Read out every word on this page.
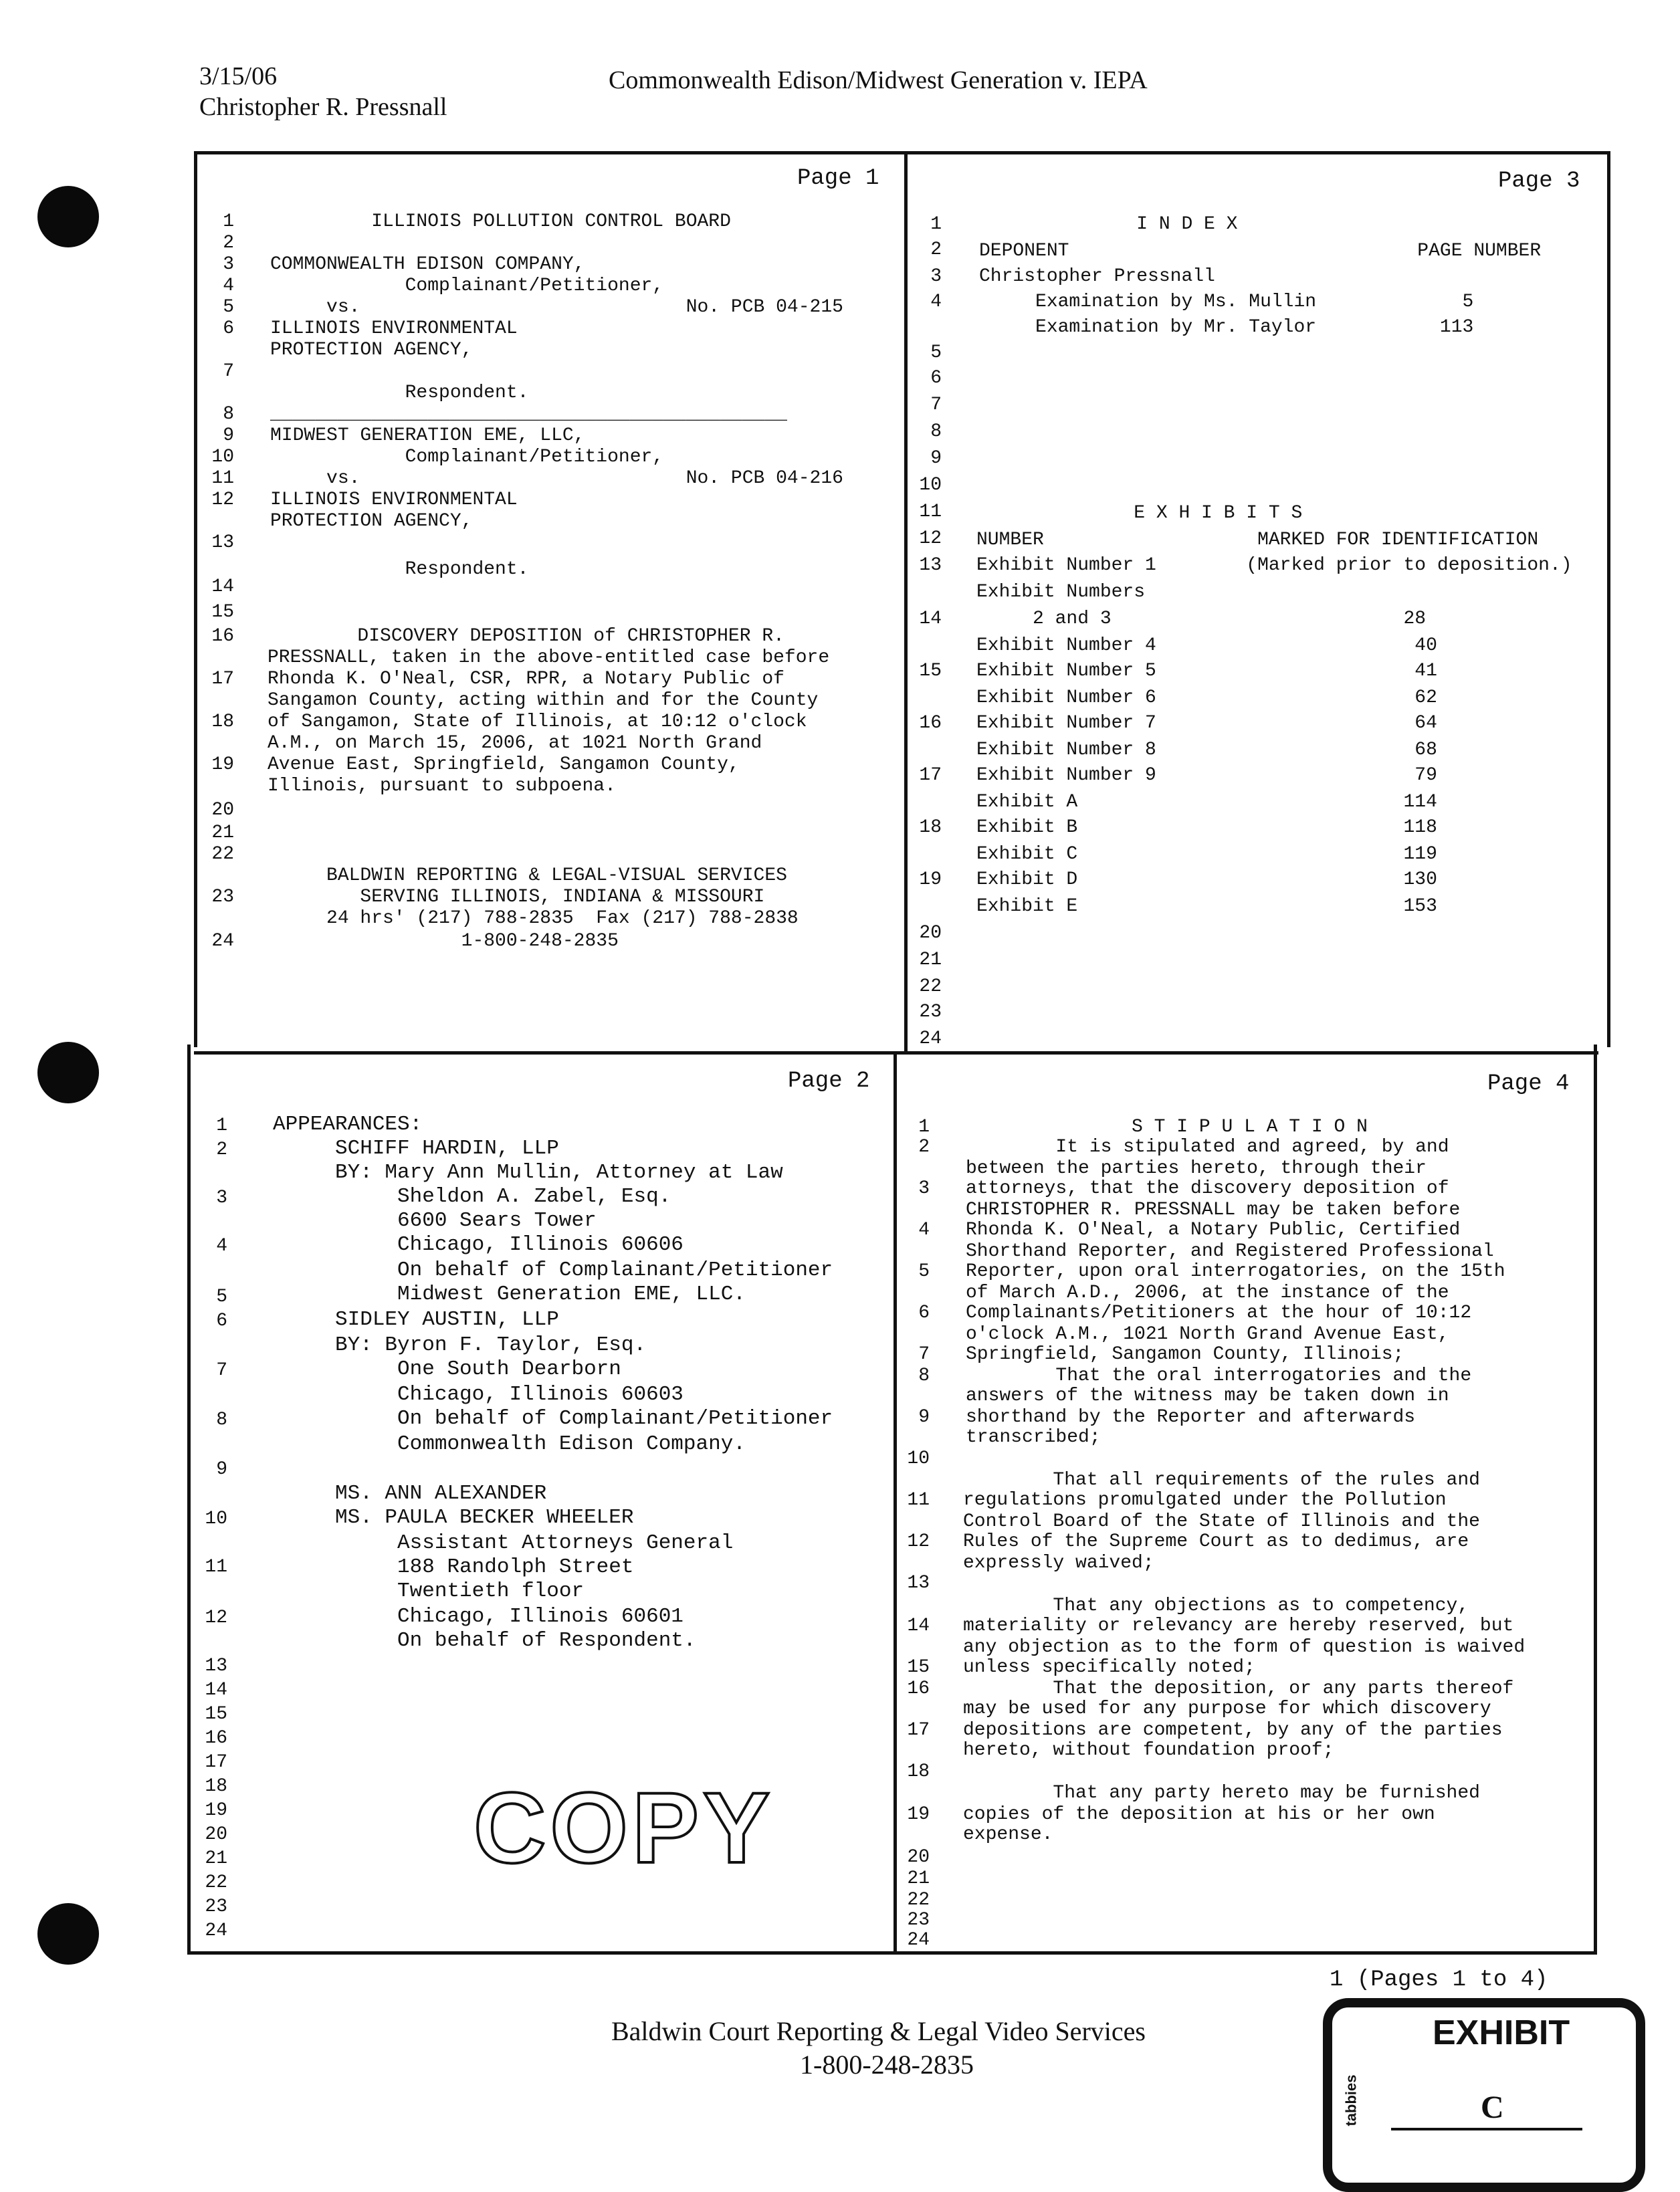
3/15/06
Christopher R. Pressnall
Commonwealth Edison/Midwest Generation v. IEPA
Page 1
1
2
3
4
5
6
7
8
9
10
11
12
13
14
15
16
17
18
19
20
21
22
23
24
ILLINOIS POLLUTION CONTROL BOARD
COMMONWEALTH EDISON COMPANY,
Complainant/Petitioner,
vs.                             No. PCB 04-215
ILLINOIS ENVIRONMENTAL
PROTECTION AGENCY,
Respondent.
______________________________________________
MIDWEST GENERATION EME, LLC,
Complainant/Petitioner,
vs.                             No. PCB 04-216
ILLINOIS ENVIRONMENTAL
PROTECTION AGENCY,
Respondent.
DISCOVERY DEPOSITION of CHRISTOPHER R.
PRESSNALL, taken in the above-entitled case before
Rhonda K. O'Neal, CSR, RPR, a Notary Public of
Sangamon County, acting within and for the County
of Sangamon, State of Illinois, at 10:12 o'clock
A.M., on March 15, 2006, at 1021 North Grand
Avenue East, Springfield, Sangamon County,
Illinois, pursuant to subpoena.
BALDWIN REPORTING & LEGAL-VISUAL SERVICES
SERVING ILLINOIS, INDIANA & MISSOURI
24 hrs' (217) 788-2835  Fax (217) 788-2838
1-800-248-2835
Page 3
1
2
3
4
5
6
7
8
9
10
11
12
13
14
15
16
17
18
19
20
21
22
23
24
I N D E X
DEPONENT                               PAGE NUMBER
Christopher Pressnall
Examination by Ms. Mullin             5
Examination by Mr. Taylor           113
E X H I B I T S
NUMBER                   MARKED FOR IDENTIFICATION
Exhibit Number 1        (Marked prior to deposition.)
Exhibit Numbers
2 and 3                          28
Exhibit Number 4                       40
Exhibit Number 5                       41
Exhibit Number 6                       62
Exhibit Number 7                       64
Exhibit Number 8                       68
Exhibit Number 9                       79
Exhibit A                             114
Exhibit B                             118
Exhibit C                             119
Exhibit D                             130
Exhibit E                             153
Page 2
1
2
3
4
5
6
7
8
9
10
11
12
13
14
15
16
17
18
19
20
21
22
23
24
APPEARANCES:
SCHIFF HARDIN, LLP
BY: Mary Ann Mullin, Attorney at Law
Sheldon A. Zabel, Esq.
6600 Sears Tower
Chicago, Illinois 60606
On behalf of Complainant/Petitioner
Midwest Generation EME, LLC.
SIDLEY AUSTIN, LLP
BY: Byron F. Taylor, Esq.
One South Dearborn
Chicago, Illinois 60603
On behalf of Complainant/Petitioner
Commonwealth Edison Company.
MS. ANN ALEXANDER
MS. PAULA BECKER WHEELER
Assistant Attorneys General
188 Randolph Street
Twentieth floor
Chicago, Illinois 60601
On behalf of Respondent.
COPY
Page 4
1
2
3
4
5
6
7
8
9
10
11
12
13
14
15
16
17
18
19
20
21
22
23
24
S T I P U L A T I O N
It is stipulated and agreed, by and
between the parties hereto, through their
attorneys, that the discovery deposition of
CHRISTOPHER R. PRESSNALL may be taken before
Rhonda K. O'Neal, a Notary Public, Certified
Shorthand Reporter, and Registered Professional
Reporter, upon oral interrogatories, on the 15th
of March A.D., 2006, at the instance of the
Complainants/Petitioners at the hour of 10:12
o'clock A.M., 1021 North Grand Avenue East,
Springfield, Sangamon County, Illinois;
That the oral interrogatories and the
answers of the witness may be taken down in
shorthand by the Reporter and afterwards
transcribed;
That all requirements of the rules and
regulations promulgated under the Pollution
Control Board of the State of Illinois and the
Rules of the Supreme Court as to dedimus, are
expressly waived;
That any objections as to competency,
materiality or relevancy are hereby reserved, but
any objection as to the form of question is waived
unless specifically noted;
That the deposition, or any parts thereof
may be used for any purpose for which discovery
depositions are competent, by any of the parties
hereto, without foundation proof;
That any party hereto may be furnished
copies of the deposition at his or her own
expense.
1 (Pages 1 to 4)
Baldwin Court Reporting & Legal Video Services
1-800-248-2835
EXHIBIT
tabbies	C
